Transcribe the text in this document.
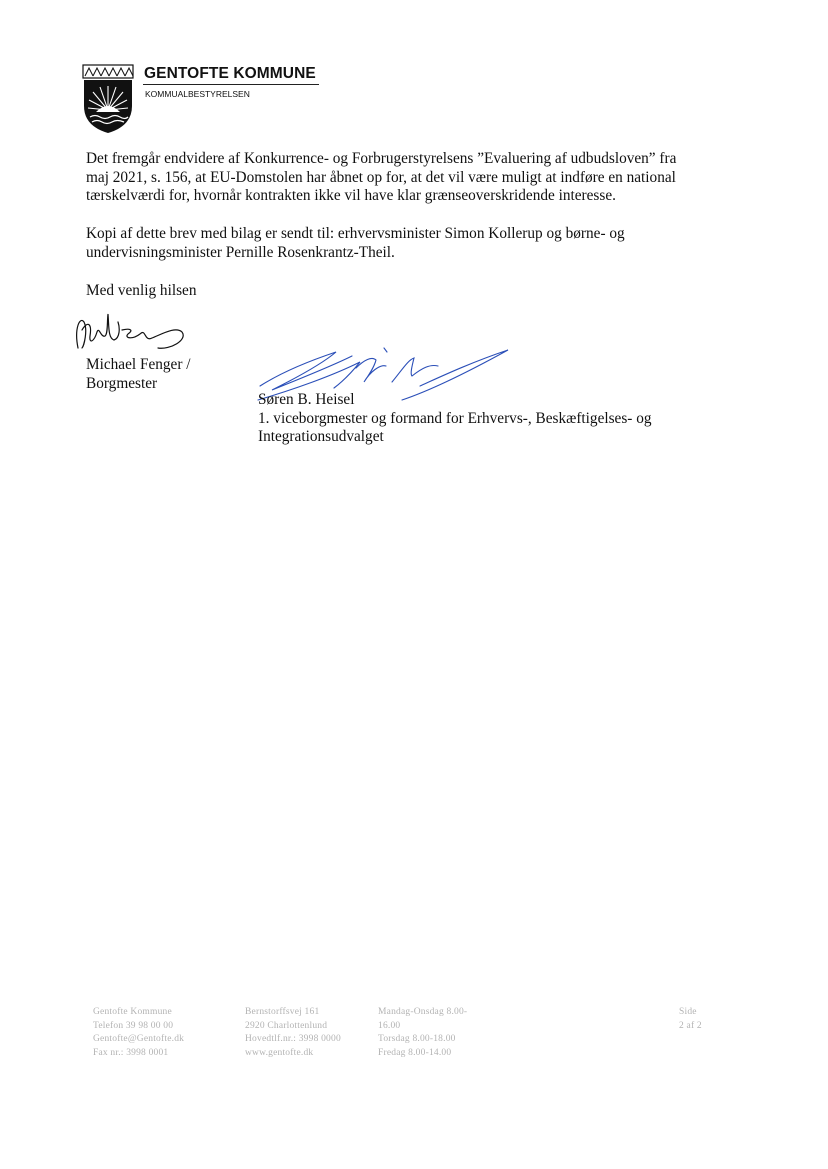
GENTOFTE KOMMUNE
KOMMUALBESTYRELSEN
Det fremgår endvidere af Konkurrence- og Forbrugerstyrelsens ”Evaluering af udbudsloven” fra
maj 2021, s. 156, at EU-Domstolen har åbnet op for, at det vil være muligt at indføre en national
tærskelværdi for, hvornår kontrakten ikke vil have klar grænseoverskridende interesse.
Kopi af dette brev med bilag er sendt til: erhvervsminister Simon Kollerup og børne- og
undervisningsminister Pernille Rosenkrantz-Theil.
Med venlig hilsen
Michael Fenger /
Borgmester
Søren B. Heisel
1. viceborgmester og formand for Erhvervs-, Beskæftigelses- og
Integrationsudvalget
Gentofte Kommune
Telefon 39 98 00 00
Gentofte@Gentofte.dk
Fax nr.: 3998 0001
Bernstorffsvej 161
2920 Charlottenlund
Hovedtlf.nr.: 3998 0000
www.gentofte.dk
Mandag-Onsdag 8.00-
16.00
Torsdag 8.00-18.00
Fredag 8.00-14.00
Side
2 af 2
